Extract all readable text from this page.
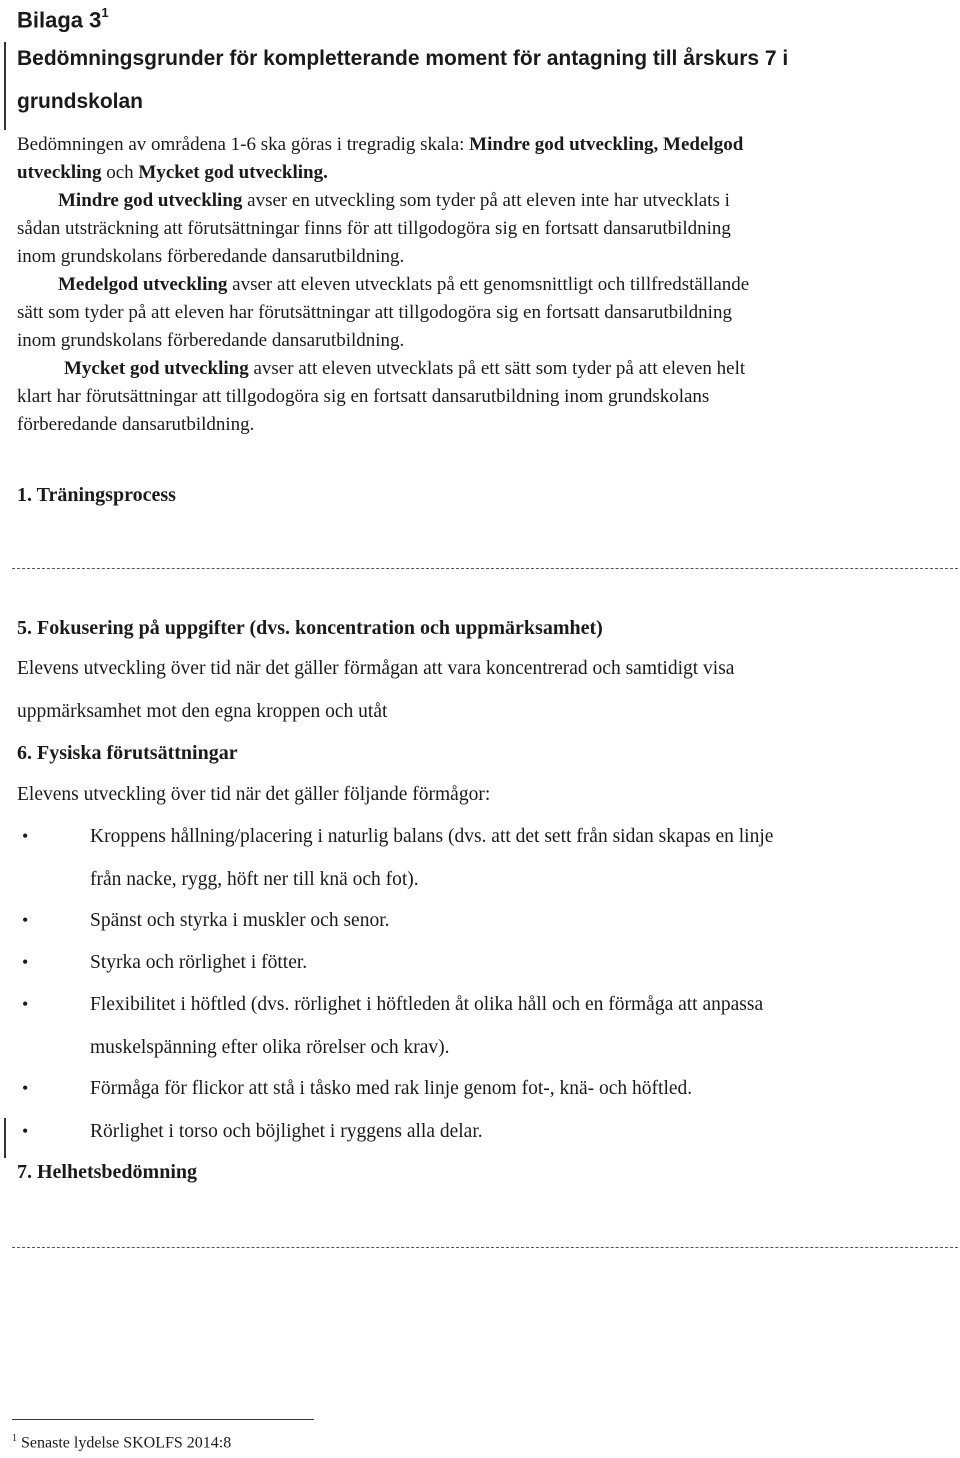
Bilaga $3^1$
Bedömningsgrunder för kompletterande moment för antagning till årskurs 7 i
grundskolan
Bedömningen av områdena 1-6 ska göras i tregradig skala: Mindre god utveckling, Medelgod
utveckling och Mycket god utveckling.
Mindre god utveckling avser en utveckling som tyder på att eleven inte har utvecklats i
sådan utsträckning att förutsättningar finns för att tillgodogöra sig en fortsatt dansarutbildning
inom grundskolans förberedande dansarutbildning.
Medelgod utveckling avser att eleven utvecklats på ett genomsnittligt och tillfredställande
sätt som tyder på att eleven har förutsättningar att tillgodogöra sig en fortsatt dansarutbildning
inom grundskolans förberedande dansarutbildning.
Mycket god utveckling avser att eleven utvecklats på ett sätt som tyder på att eleven helt
klart har förutsättningar att tillgodogöra sig en fortsatt dansarutbildning inom grundskolans
förberedande dansarutbildning.
1. Träningsprocess
5. Fokusering på uppgifter (dvs. koncentration och uppmärksamhet)
Elevens utveckling över tid när det gäller förmågan att vara koncentrerad och samtidigt visa
uppmärksamhet mot den egna kroppen och utåt
6. Fysiska förutsättningar
Elevens utveckling över tid när det gäller följande förmågor:
•	Kroppens hållning/placering i naturlig balans (dvs. att det sett från sidan skapas en linje
från nacke, rygg, höft ner till knä och fot).
•	Spänst och styrka i muskler och senor.
•	Styrka och rörlighet i fötter.
•	Flexibilitet i höftled (dvs. rörlighet i höftleden åt olika håll och en förmåga att anpassa
muskelspänning efter olika rörelser och krav).
•	Förmåga för flickor att stå i tåsko med rak linje genom fot-, knä- och höftled.
•	Rörlighet i torso och böjlighet i ryggens alla delar.
7. Helhetsbedömning
$^1$ Senaste lydelse SKOLFS 2014:8
